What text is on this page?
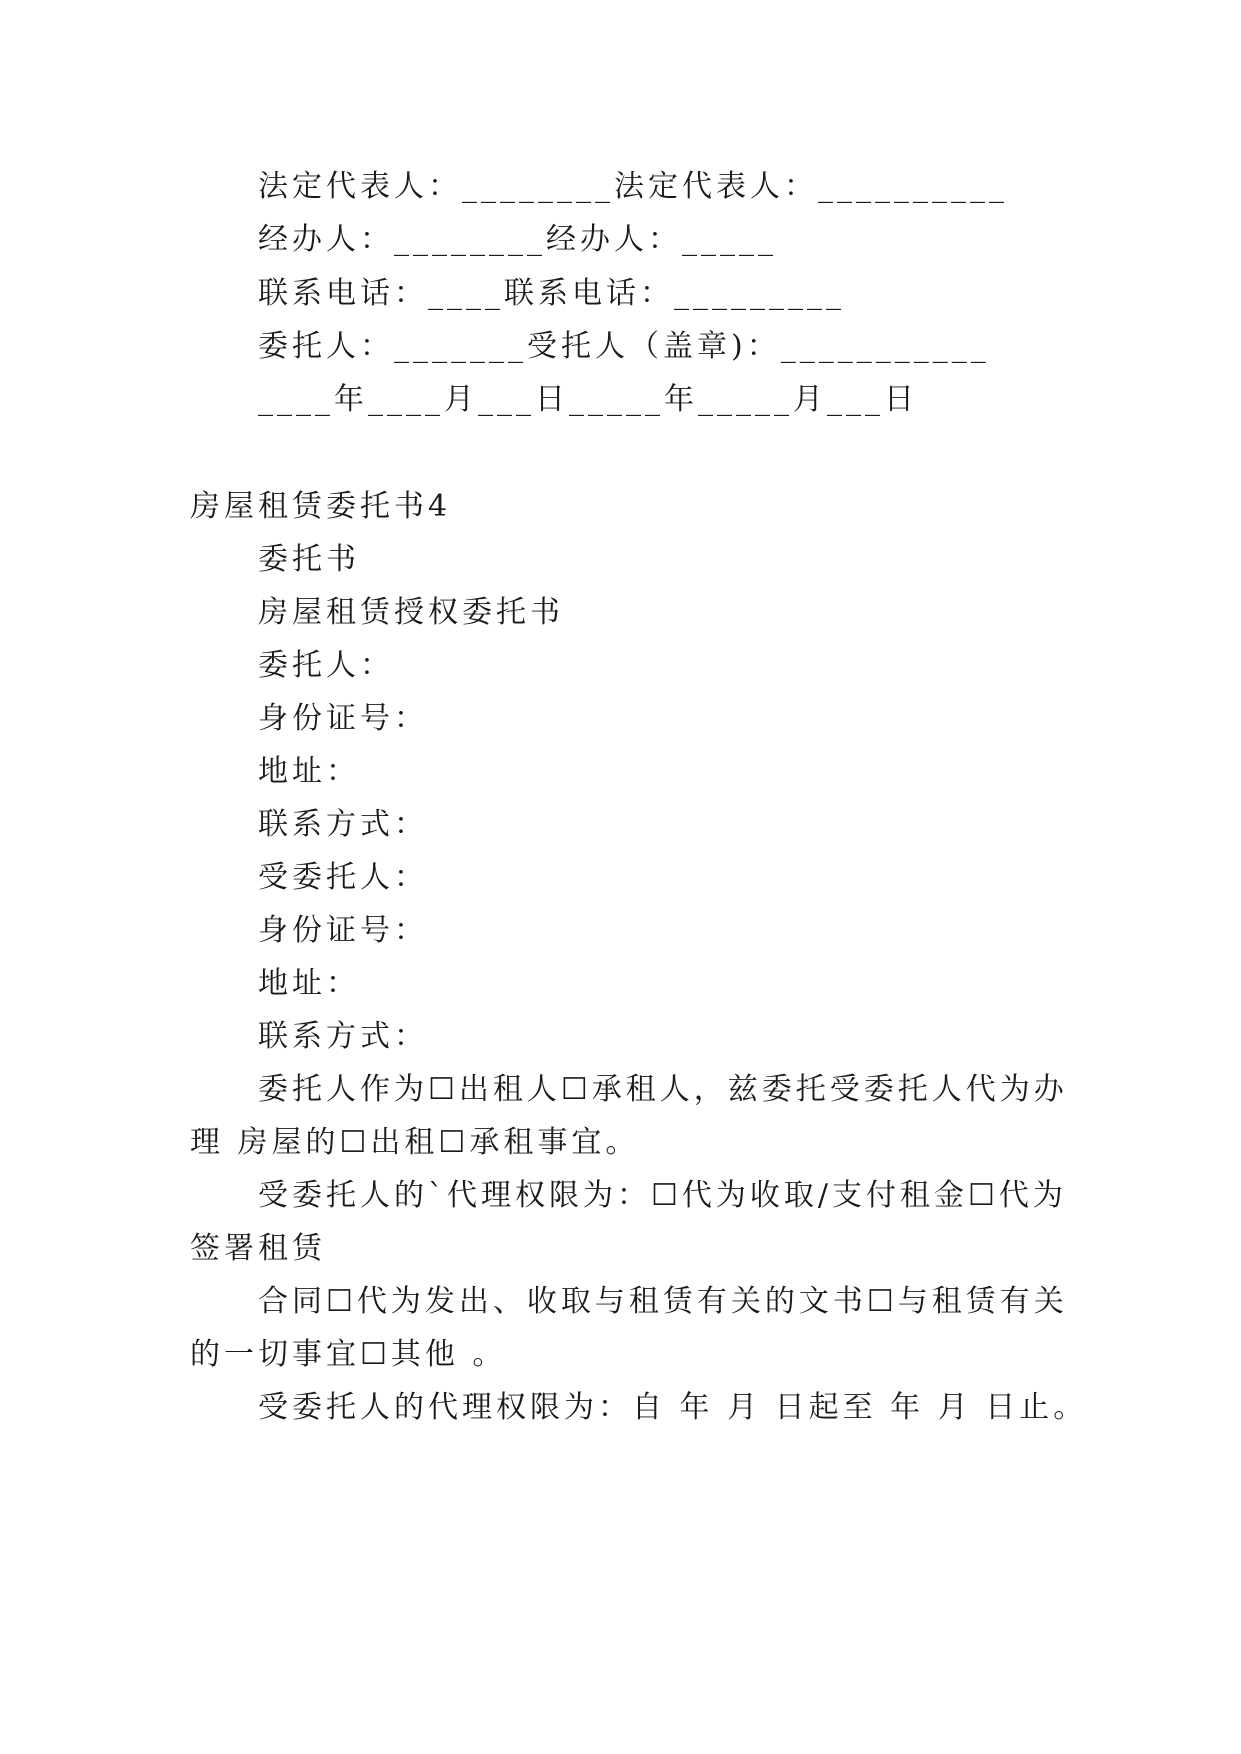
法定代表人：________法定代表人：__________
经办人：________经办人：_____
联系电话：____联系电话：_________
委托人：_______受托人（盖章)：___________
____年____月___日_____年_____月___日
房屋租赁委托书4
委托书
房屋租赁授权委托书
委托人：
身份证号：
地址：
联系方式：
受委托人：
身份证号：
地址：
联系方式：
委托人作为☐出租人☐承租人，兹委托受委托人代为办
理 房屋的☐出租☐承租事宜。
受委托人的`代理权限为：☐代为收取/支付租金☐代为
签署租赁
合同☐代为发出、收取与租赁有关的文书☐与租赁有关
的一切事宜☐其他 。
受委托人的代理权限为：自 年 月 日起至 年 月 日止。
